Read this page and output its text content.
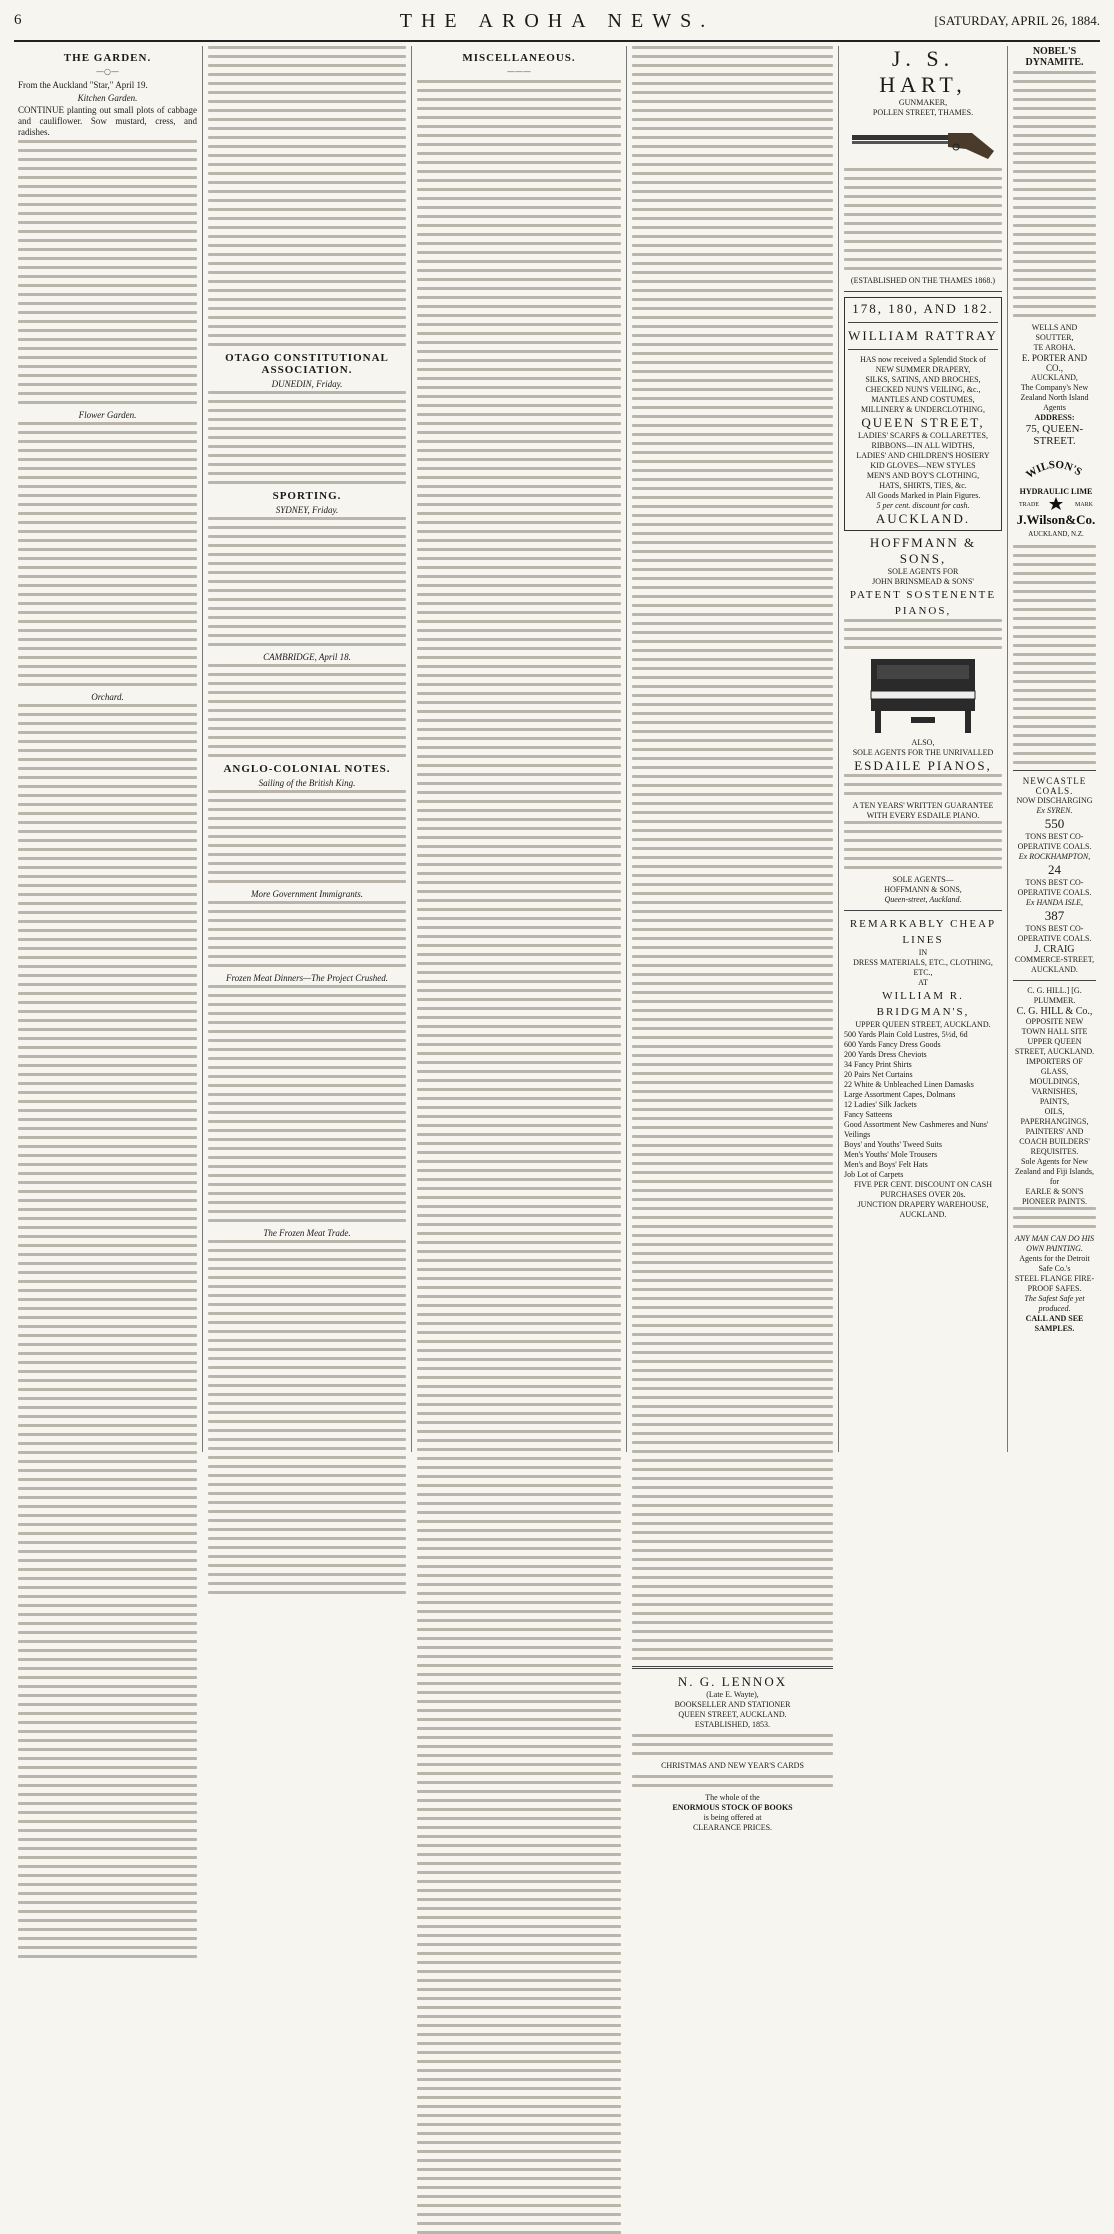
6	THE AROHA NEWS.	[SATURDAY, APRIL 26, 1884.
THE GARDEN.
—○—
From the Auckland "Star," April 19.
Kitchen Garden.
CONTINUE planting out small plots of cabbage and cauliflower. Sow mustard, cress, and radishes.
Flower Garden.
Orchard.
OTAGO CONSTITUTIONAL ASSOCIATION.
DUNEDIN, Friday.
SPORTING.
SYDNEY, Friday.
CAMBRIDGE, April 18.
ANGLO-COLONIAL NOTES.
Sailing of the British King.
More Government Immigrants.
Frozen Meat Dinners—The Project Crushed.
The Frozen Meat Trade.
MISCELLANEOUS.
———
N. G. LENNOX
(Late E. Wayte),
BOOKSELLER AND STATIONER
QUEEN STREET, AUCKLAND.
ESTABLISHED, 1853.
CHRISTMAS AND NEW YEAR'S CARDS
The whole of the
ENORMOUS STOCK OF BOOKS
is being offered at
CLEARANCE PRICES.
J. S. HART,
GUNMAKER,
POLLEN STREET, THAMES.
(ESTABLISHED ON THE THAMES 1868.)
178, 180, AND 182.
WILLIAM RATTRAY
HAS now received a Splendid Stock of
NEW SUMMER DRAPERY,
SILKS, SATINS, AND BROCHES,
CHECKED NUN'S VEILING, &c.,
MANTLES AND COSTUMES,
MILLINERY & UNDERCLOTHING,
QUEEN STREET,
LADIES' SCARFS & COLLARETTES,
RIBBONS—IN ALL WIDTHS,
LADIES' AND CHILDREN'S HOSIERY
KID GLOVES—NEW STYLES
MEN'S AND BOY'S CLOTHING,
HATS, SHIRTS, TIES, &c.
All Goods Marked in Plain Figures.
5 per cent. discount for cash.
AUCKLAND.
HOFFMANN & SONS,
SOLE AGENTS FOR
JOHN BRINSMEAD & SONS'
PATENT SOSTENENTE PIANOS,
ALSO,
SOLE AGENTS FOR THE UNRIVALLED
ESDAILE PIANOS,
A TEN YEARS' WRITTEN GUARANTEE WITH EVERY ESDAILE PIANO.
SOLE AGENTS—
HOFFMANN & SONS,
Queen-street, Auckland.
REMARKABLY CHEAP LINES
IN
DRESS MATERIALS, ETC., CLOTHING, ETC.,
AT
WILLIAM R. BRIDGMAN'S,
UPPER QUEEN STREET, AUCKLAND.
500 Yards Plain Cold Lustres, 5½d, 6d
600 Yards Fancy Dress Goods
200 Yards Dress Cheviots
34 Fancy Print Shirts
20 Pairs Net Curtains
22 White & Unbleached Linen Damasks
Large Assortment Capes, Dolmans
12 Ladies' Silk Jackets
Fancy Satteens
Good Assortment New Cashmeres and Nuns' Veilings
Boys' and Youths' Tweed Suits
Men's Youths' Mole Trousers
Men's and Boys' Felt Hats
Job Lot of Carpets
FIVE PER CENT. DISCOUNT ON CASH PURCHASES OVER 20s.
JUNCTION DRAPERY WAREHOUSE,
AUCKLAND.
NOBEL'S DYNAMITE.
WELLS AND SOUTTER,
TE AROHA.
E. PORTER AND CO.,
AUCKLAND,
The Company's New Zealand North Island Agents
ADDRESS:
75, QUEEN-STREET.
WILSON'S
HYDRAULIC LIME
TRADE	MARK
J.Wilson&Co.
AUCKLAND, N.Z.
NEWCASTLE COALS.
NOW DISCHARGING
Ex SYREN.
550
TONS BEST CO-OPERATIVE COALS.
Ex ROCKHAMPTON,
24
TONS BEST CO-OPERATIVE COALS.
Ex HANDA ISLE,
387
TONS BEST CO-OPERATIVE COALS.
J. CRAIG
COMMERCE-STREET, AUCKLAND.
C. G. HILL.] [G. PLUMMER.
C. G. HILL & Co.,
OPPOSITE NEW TOWN HALL SITE
UPPER QUEEN STREET, AUCKLAND.
IMPORTERS OF
GLASS,
MOULDINGS,
VARNISHES,
PAINTS,
OILS,
PAPERHANGINGS,
PAINTERS' AND COACH BUILDERS' REQUISITES.
Sole Agents for New Zealand and Fiji Islands, for
EARLE & SON'S PIONEER PAINTS.
ANY MAN CAN DO HIS OWN PAINTING.
Agents for the Detroit Safe Co.'s
STEEL FLANGE FIRE-PROOF SAFES.
The Safest Safe yet produced.
CALL AND SEE SAMPLES.
